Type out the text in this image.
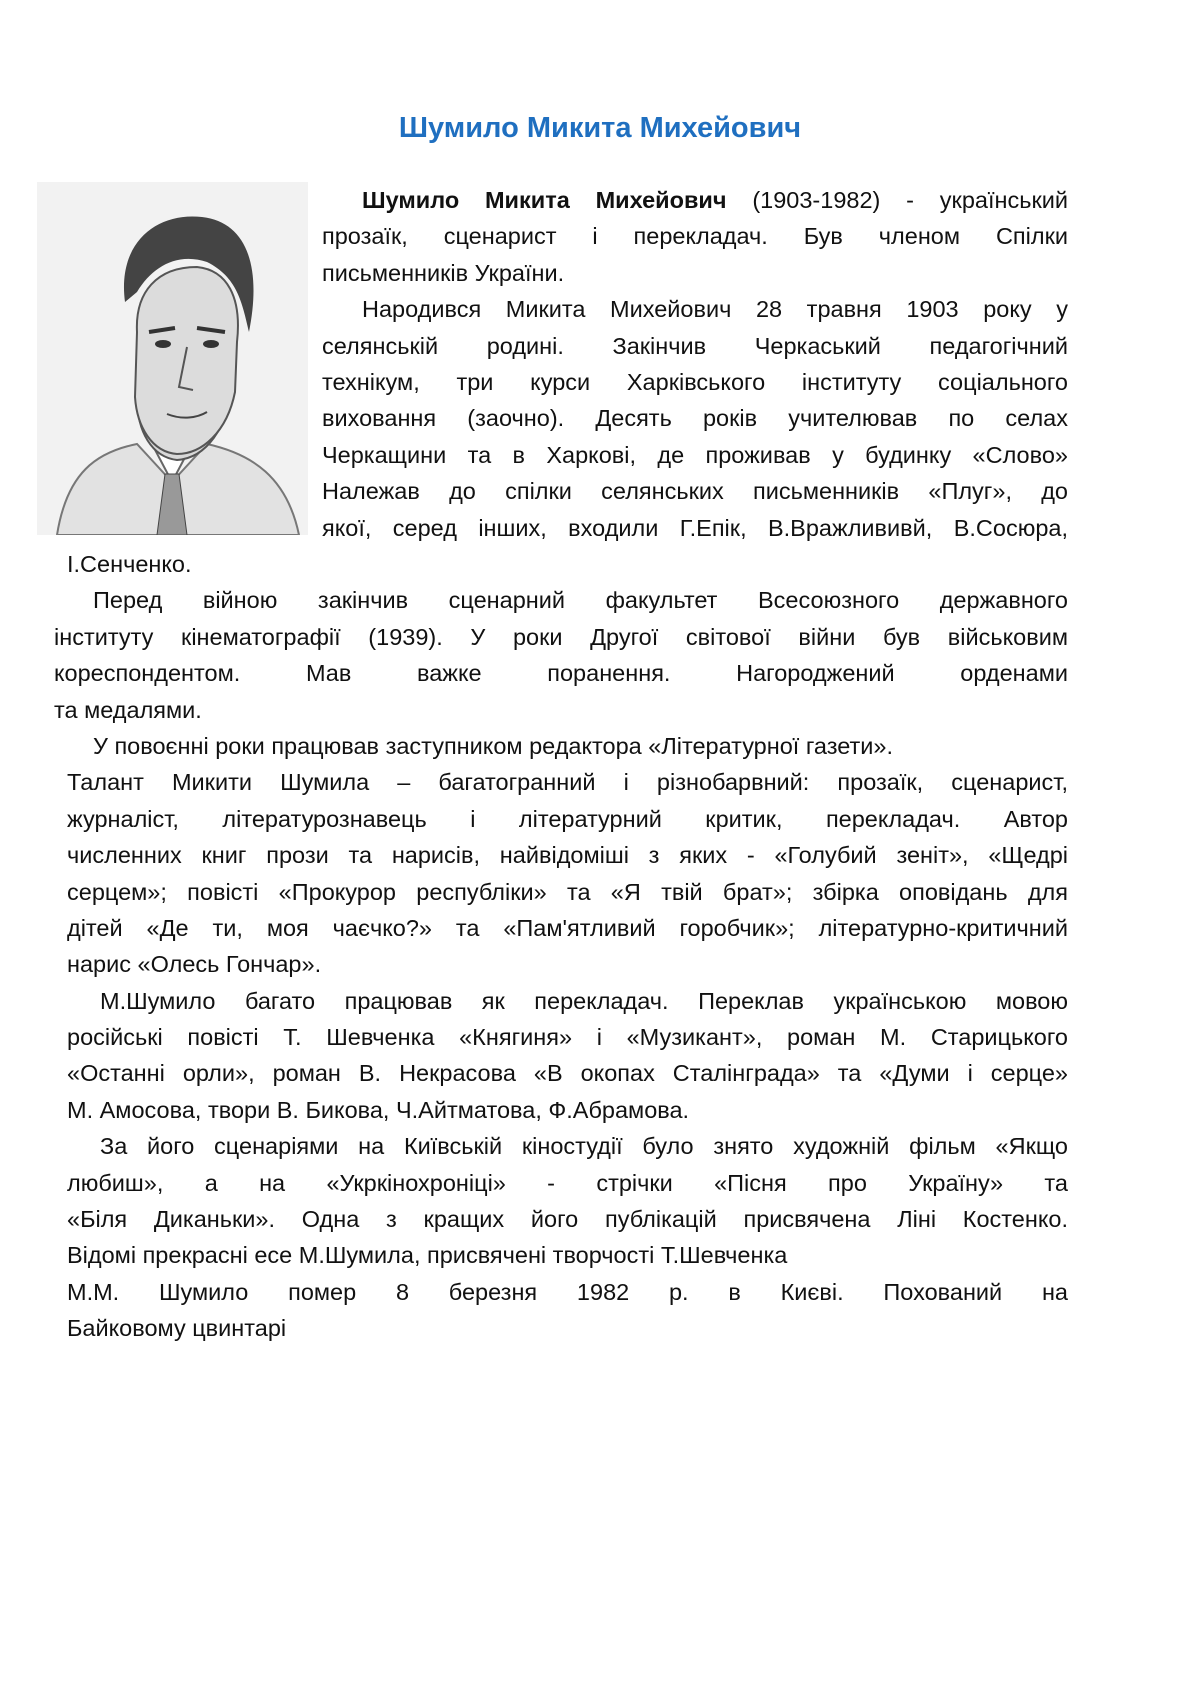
Шумило Микита Михейович
Шумило Микита Михейович (1903-1982) - український
прозаїк, сценарист і перекладач. Був членом Спілки
письменників України.
Народився Микита Михейович 28 травня 1903 року у
селянській родині. Закінчив Черкаський педагогічний
технікум, три курси Харківського інституту соціального
виховання (заочно). Десять років учителював по селах
Черкащини та в Харкові, де проживав у будинку «Слово»
Належав до спілки селянських письменників «Плуг», до
якої, серед інших, входили Г.Епік, В.Вражлививй, В.Сосюра,
І.Сенченко.
Перед війною закінчив сценарний факультет Всесоюзного державного
інституту кінематографії (1939). У роки Другої світової війни був військовим
кореспондентом. Мав важке поранення. Нагороджений орденами
та медалями.
У повоєнні роки працював заступником редактора «Літературної газети».
Талант Микити Шумила – багатогранний і різнобарвний: прозаїк, сценарист,
журналіст, літературознавець і літературний критик, перекладач. Автор
численних книг прози та нарисів, найвідоміші з яких - «Голубий зеніт», «Щедрі
серцем»; повісті «Прокурор республіки» та «Я твій брат»; збірка оповідань для
дітей «Де ти, моя чаєчко?» та «Пам'ятливий горобчик»; літературно-критичний
нарис «Олесь Гончар».
М.Шумило багато працював як перекладач. Переклав українською мовою
російські повісті Т. Шевченка «Княгиня» і «Музикант», роман М. Старицького
«Останні орли», роман В. Некрасова «В окопах Сталінграда» та «Думи і серце»
М. Амосова, твори В. Бикова, Ч.Айтматова, Ф.Абрамова.
За його сценаріями на Київській кіностудії було знято художній фільм «Якщо
любиш», а на «Укркінохроніці» - стрічки «Пісня про Україну» та
«Біля Диканьки». Одна з кращих його публікацій присвячена Ліні Костенко.
Відомі прекрасні есе М.Шумила, присвячені творчості Т.Шевченка
М.М. Шумило помер 8 березня 1982 р. в Києві. Похований на
Байковому цвинтарі
